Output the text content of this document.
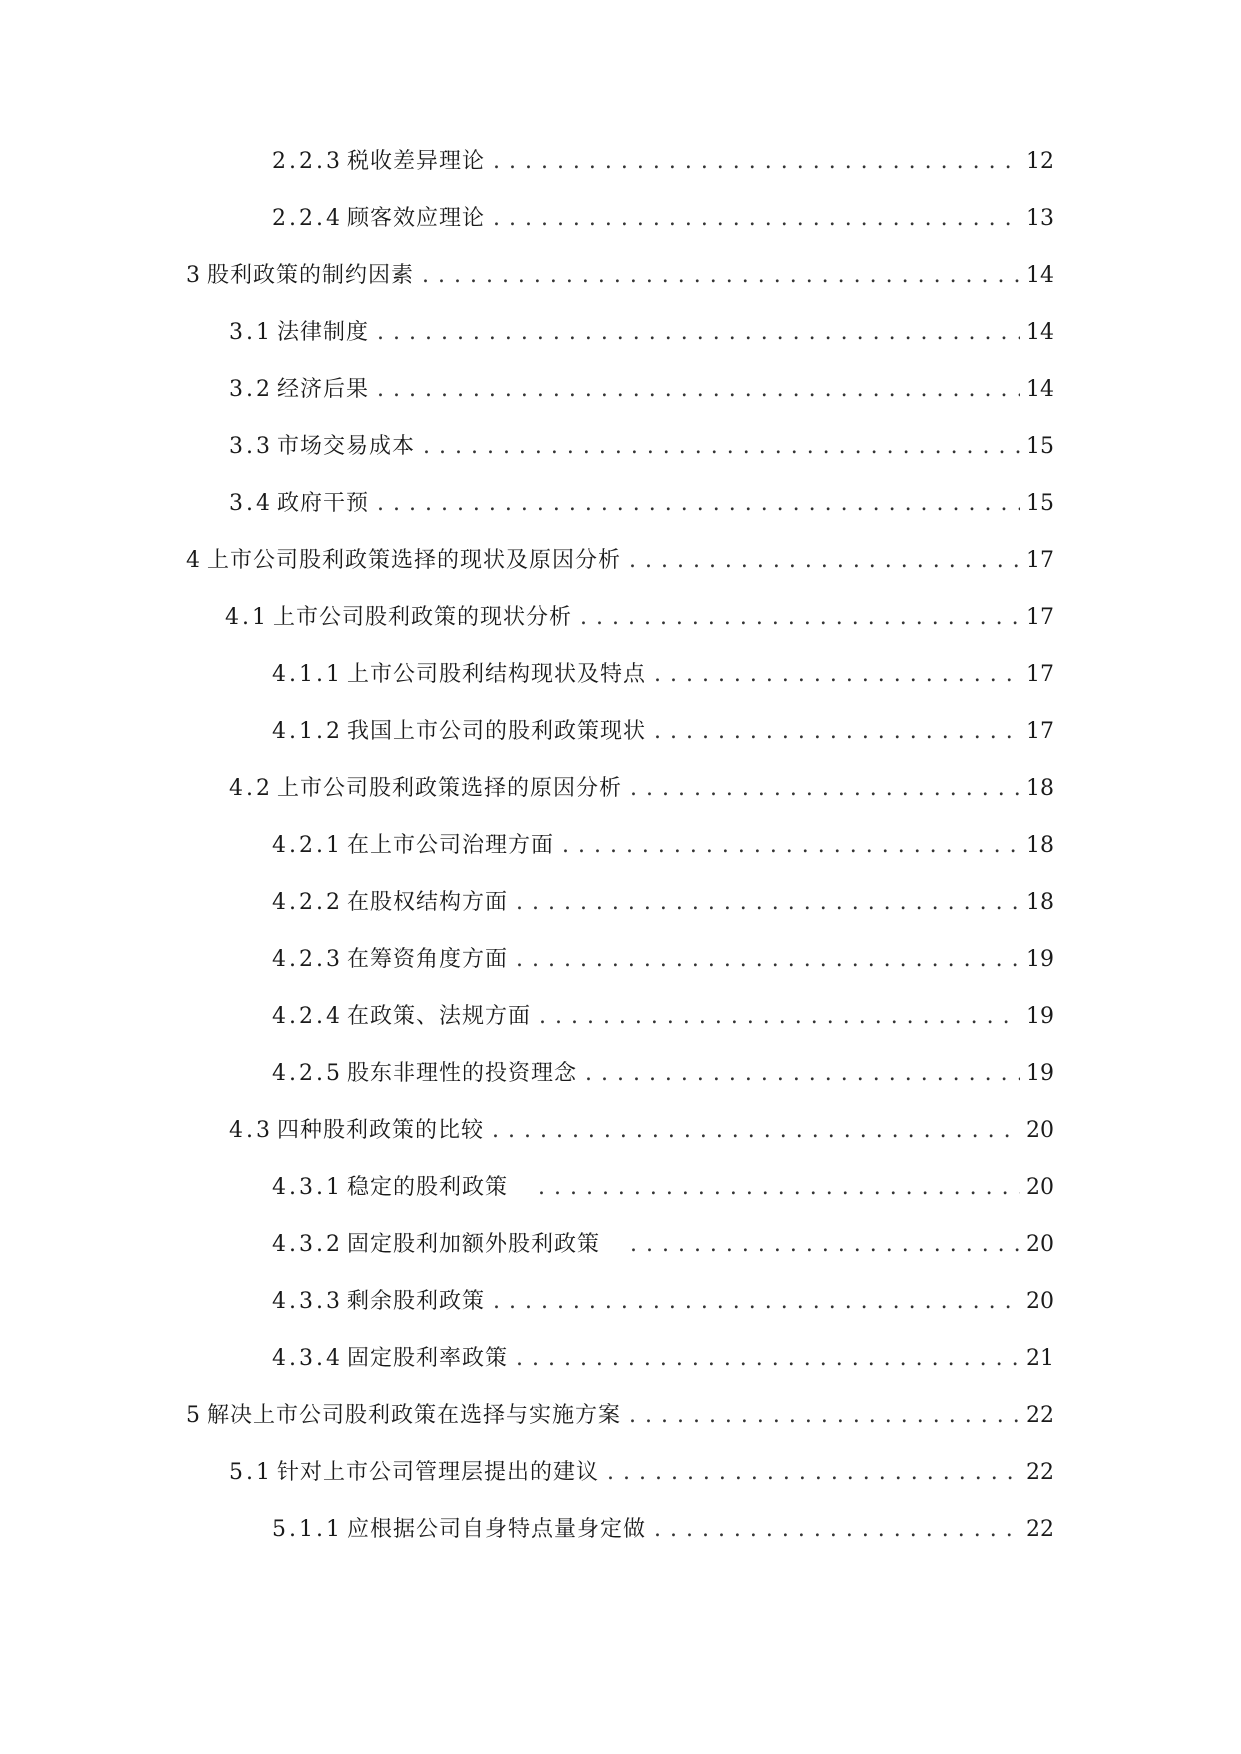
2.2.3 税收差异理论 . . .	12
2.2.4 顾客效应理论 . . .	13
3 股利政策的制约因素 . . .	14
3.1 法律制度 . . .	14
3.2 经济后果 . . .	14
3.3 市场交易成本 . . .	15
3.4 政府干预 . . .	15
4 上市公司股利政策选择的现状及原因分析 . . .	17
4.1 上市公司股利政策的现状分析 . . .	17
4.1.1 上市公司股利结构现状及特点 . . .	17
4.1.2 我国上市公司的股利政策现状 . . .	17
4.2 上市公司股利政策选择的原因分析 . . .	18
4.2.1 在上市公司治理方面 . . .	18
4.2.2 在股权结构方面 . . .	18
4.2.3 在筹资角度方面 . . .	19
4.2.4 在政策、法规方面 . . .	19
4.2.5 股东非理性的投资理念 . . .	19
4.3 四种股利政策的比较 . . .	20
4.3.1 稳定的股利政策 . . .	20
4.3.2 固定股利加额外股利政策 . . .	20
4.3.3 剩余股利政策 . . .	20
4.3.4 固定股利率政策 . . .	21
5 解决上市公司股利政策在选择与实施方案 . . .	22
5.1 针对上市公司管理层提出的建议 . . .	22
5.1.1 应根据公司自身特点量身定做 . . .	22
